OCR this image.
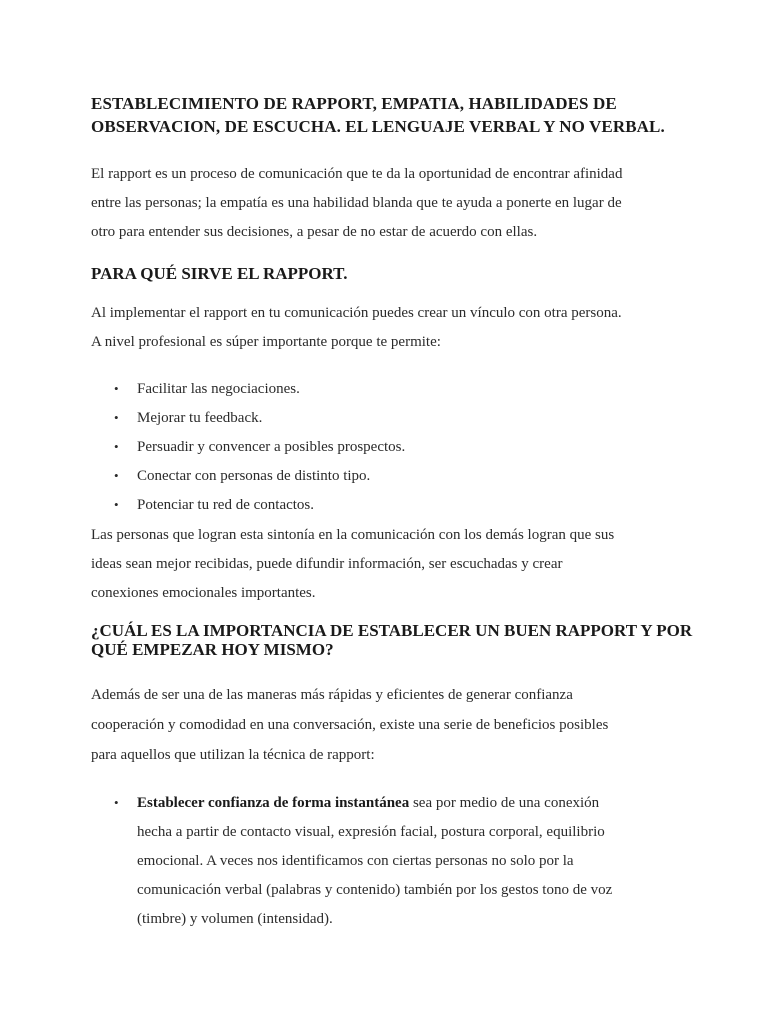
ESTABLECIMIENTO DE RAPPORT, EMPATIA, HABILIDADES DE
OBSERVACION, DE ESCUCHA. EL LENGUAJE VERBAL Y NO VERBAL.

El rapport es un proceso de comunicación que te da la oportunidad de encontrar afinidad

entre las personas; la empatía es una habilidad blanda que te ayuda a ponerte en lugar de

otro para entender sus decisiones, a pesar de no estar de acuerdo con ellas.

PARA QUÉ SIRVE EL RAPPORT.

Al implementar el rapport en tu comunicación puedes crear un vínculo con otra persona.

A nivel profesional es súper importante porque te permite:

• Facilitar las negociaciones.
• Mejorar tu feedback.
• Persuadir y convencer a posibles prospectos.
• Conectar con personas de distinto tipo.
• Potenciar tu red de contactos.

Las personas que logran esta sintonía en la comunicación con los demás logran que sus

ideas sean mejor recibidas, puede difundir información, ser escuchadas y crear

conexiones emocionales importantes.

¿CUÁL ES LA IMPORTANCIA DE ESTABLECER UN BUEN RAPPORT Y POR
QUÉ EMPEZAR HOY MISMO?

Además de ser una de las maneras más rápidas y eficientes de generar confianza

cooperación y comodidad en una conversación, existe una serie de beneficios posibles

para aquellos que utilizan la técnica de rapport:

• Establecer confianza de forma instantánea sea por medio de una conexión
hecha a partir de contacto visual, expresión facial, postura corporal, equilibrio
emocional. A veces nos identificamos con ciertas personas no solo por la
comunicación verbal (palabras y contenido) también por los gestos tono de voz
(timbre) y volumen (intensidad).
